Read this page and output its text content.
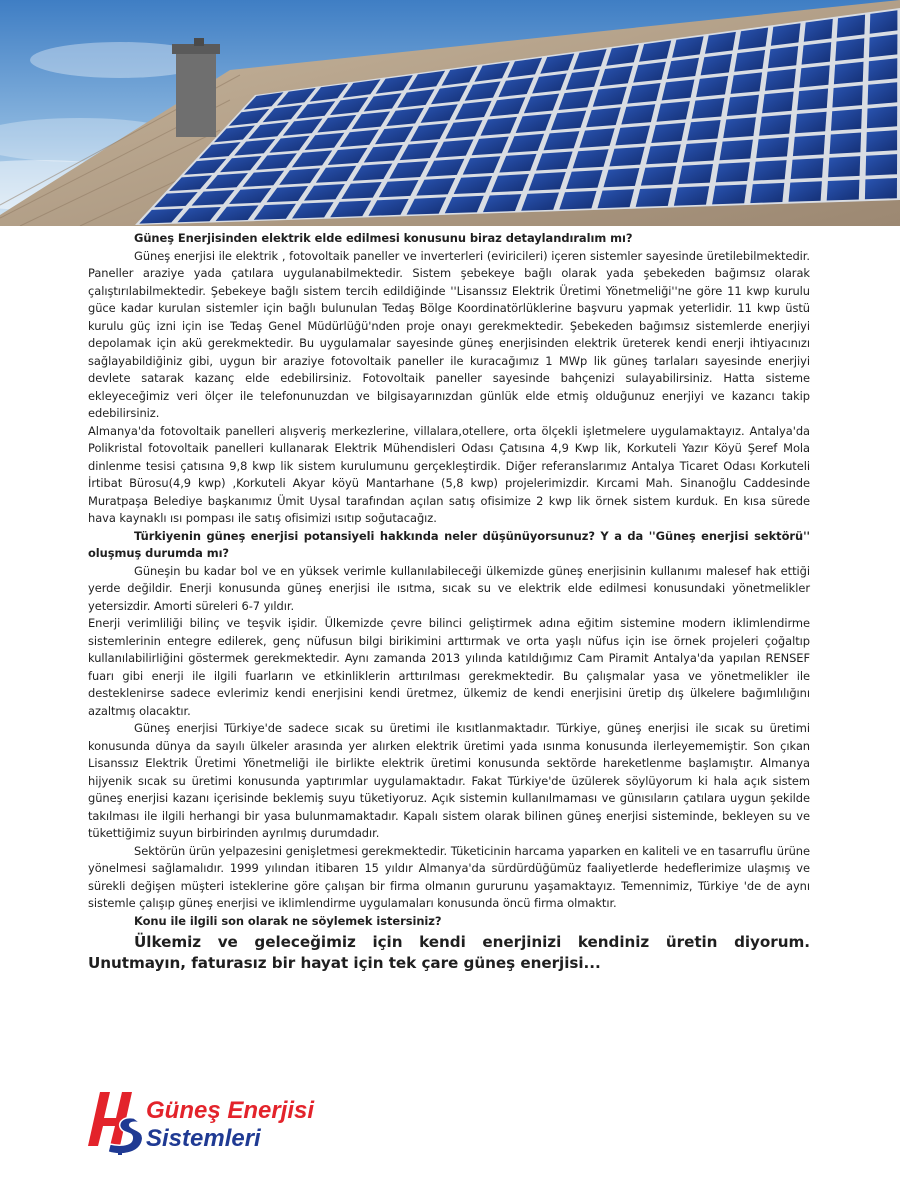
Güneş Enerjisinden elektrik elde edilmesi konusunu biraz detaylandıralım mı?

Güneş enerjisi ile elektrik , fotovoltaik paneller ve inverterleri (eviricileri) içeren sistemler sayesinde üretilebilmektedir. Paneller araziye yada çatılara uygulanabilmektedir. Sistem şebekeye bağlı olarak yada şebekeden bağımsız olarak çalıştırılabilmektedir. Şebekeye bağlı sistem tercih edildiğinde ''Lisanssız Elektrik Üretimi Yönetmeliği''ne göre 11 kwp kurulu güce kadar kurulan sistemler için bağlı bulunulan Tedaş Bölge Koordinatörlüklerine başvuru yapmak yeterlidir. 11 kwp üstü kurulu güç izni için ise Tedaş Genel Müdürlüğü'nden proje onayı gerekmektedir. Şebekeden bağımsız sistemlerde enerjiyi depolamak için akü gerekmektedir. Bu uygulamalar sayesinde güneş enerjisinden elektrik üreterek kendi enerji ihtiyacınızı sağlayabildiğiniz gibi, uygun bir araziye fotovoltaik paneller ile kuracağımız 1 MWp lik güneş tarlaları sayesinde enerjiyi devlete satarak kazanç elde edebilirsiniz. Fotovoltaik paneller sayesinde bahçenizi sulayabilirsiniz. Hatta sisteme ekleyeceğimiz veri ölçer ile telefonunuzdan ve bilgisayarınızdan günlük elde etmiş olduğunuz enerjiyi ve kazancı takip edebilirsiniz.

Almanya'da fotovoltaik panelleri alışveriş merkezlerine, villalara,otellere, orta ölçekli işletmelere uygulamaktayız. Antalya'da Polikristal fotovoltaik panelleri kullanarak Elektrik Mühendisleri Odası Çatısına 4,9 Kwp lik, Korkuteli Yazır Köyü Şeref Mola dinlenme tesisi çatısına 9,8 kwp lik sistem kurulumunu gerçekleştirdik. Diğer referanslarımız Antalya Ticaret Odası Korkuteli İrtibat Bürosu(4,9 kwp) ,Korkuteli Akyar köyü Mantarhane (5,8 kwp) projelerimizdir. Kırcami Mah. Sinanoğlu Caddesinde Muratpaşa Belediye başkanımız Ümit Uysal tarafından açılan satış ofisimize 2 kwp lik örnek sistem kurduk. En kısa sürede hava kaynaklı ısı pompası ile satış ofisimizi ısıtıp soğutacağız.

Türkiyenin güneş enerjisi potansiyeli hakkında neler düşünüyorsunuz? Y a da ''Güneş enerjisi sektörü'' oluşmuş durumda mı?

Güneşin bu kadar bol ve en yüksek verimle kullanılabileceği ülkemizde güneş enerjisinin kullanımı malesef hak ettiği yerde değildir. Enerji konusunda güneş enerjisi ile ısıtma, sıcak su ve elektrik elde edilmesi konusundaki yönetmelikler yetersizdir. Amorti süreleri 6-7 yıldır.

Enerji verimliliği bilinç ve teşvik işidir. Ülkemizde çevre bilinci geliştirmek adına eğitim sistemine modern iklimlendirme sistemlerinin entegre edilerek, genç nüfusun bilgi birikimini arttırmak ve orta yaşlı nüfus için ise örnek projeleri çoğaltıp kullanılabilirliğini göstermek gerekmektedir. Aynı zamanda 2013 yılında katıldığımız Cam Piramit Antalya'da yapılan RENSEF fuarı gibi enerji ile ilgili fuarların ve etkinliklerin arttırılması gerekmektedir. Bu çalışmalar yasa ve yönetmelikler ile desteklenirse sadece evlerimiz kendi enerjisini kendi üretmez, ülkemiz de kendi enerjisini üretip dış ülkelere bağımlılığını azaltmış olacaktır.

Güneş enerjisi Türkiye'de sadece sıcak su üretimi ile kısıtlanmaktadır. Türkiye, güneş enerjisi ile sıcak su üretimi konusunda dünya da sayılı ülkeler arasında yer alırken elektrik üretimi yada ısınma konusunda ilerleyememiştir. Son çıkan Lisanssız Elektrik Üretimi Yönetmeliği ile birlikte elektrik üretimi konusunda sektörde hareketlenme başlamıştır. Almanya hijyenik sıcak su üretimi konusunda yaptırımlar uygulamaktadır. Fakat Türkiye'de üzülerek söylüyorum ki hala açık sistem güneş enerjisi kazanı içerisinde beklemiş suyu tüketiyoruz. Açık sistemin kullanılmaması ve günısıların çatılara uygun şekilde takılması ile ilgili herhangi bir yasa bulunmamaktadır. Kapalı sistem olarak bilinen güneş enerjisi sisteminde, bekleyen su ve tükettiğimiz suyun birbirinden ayrılmış durumdadır.

Sektörün ürün yelpazesini genişletmesi gerekmektedir. Tüketicinin harcama yaparken en kaliteli ve en tasarruflu ürüne yönelmesi sağlamalıdır. 1999 yılından itibaren 15 yıldır Almanya'da sürdürdüğümüz faaliyetlerde hedeflerimize ulaşmış ve sürekli değişen müşteri isteklerine göre çalışan bir firma olmanın gururunu yaşamaktayız. Temennimiz, Türkiye 'de de aynı sistemle çalışıp güneş enerjisi ve iklimlendirme uygulamaları konusunda öncü firma olmaktır.

Konu ile ilgili son olarak ne söylemek istersiniz?

Ülkemiz ve geleceğimiz için kendi enerjinizi kendiniz üretin diyorum. Unutmayın, faturasız bir hayat için tek çare güneş enerjisi...

Güneş Enerjisi
Sistemleri
